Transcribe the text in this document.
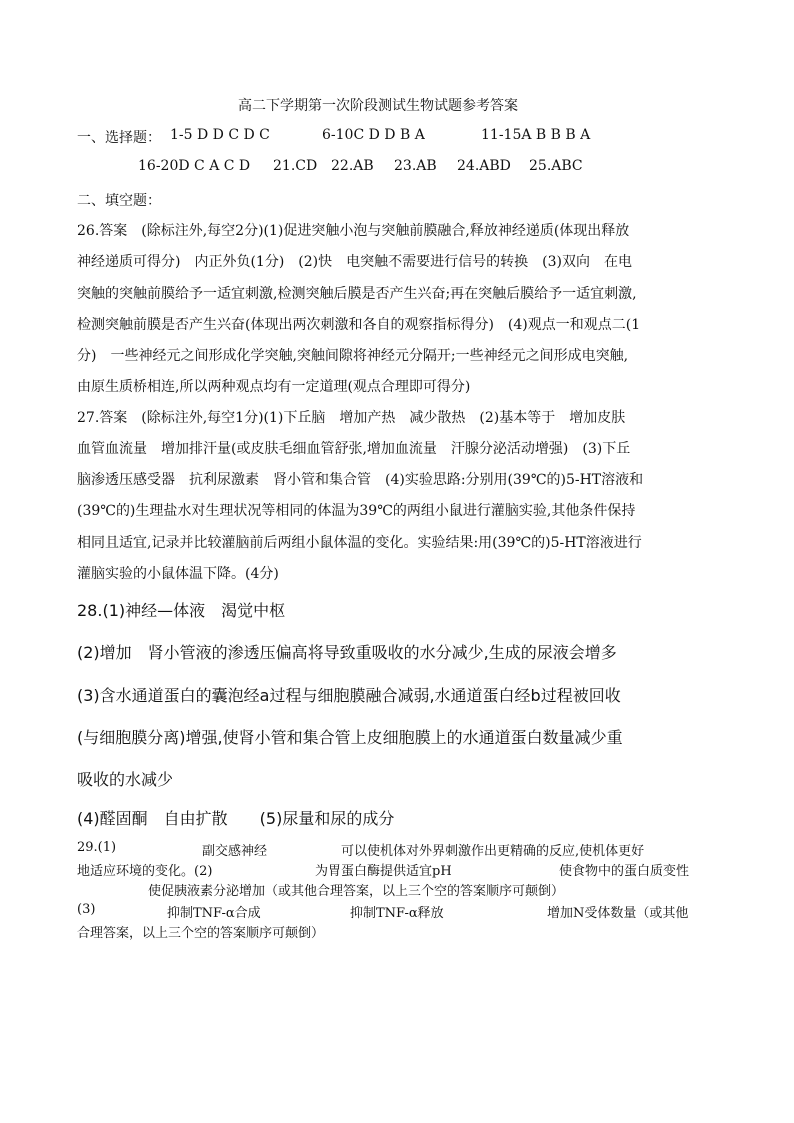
高二下学期第一次阶段测试生物试题参考答案
一、选择题： 1-5 D D C D C	6-10C D D B A	11-15A B B B A
16-20D C A C D 21.CD 22.AB 23.AB 24.ABD 25.ABC
二、填空题：
26.答案　(除标注外,每空2分)(1)促进突触小泡与突触前膜融合,释放神经递质(体现出释放
神经递质可得分)　内正外负(1分)　(2)快　电突触不需要进行信号的转换　(3)双向　在电
突触的突触前膜给予一适宜刺激,检测突触后膜是否产生兴奋;再在突触后膜给予一适宜刺激,
检测突触前膜是否产生兴奋(体现出两次刺激和各自的观察指标得分)　(4)观点一和观点二(1
分)　一些神经元之间形成化学突触,突触间隙将神经元分隔开;一些神经元之间形成电突触,
由原生质桥相连,所以两种观点均有一定道理(观点合理即可得分)
27.答案　(除标注外,每空1分)(1)下丘脑　增加产热　减少散热　(2)基本等于　增加皮肤
血管血流量　增加排汗量(或皮肤毛细血管舒张,增加血流量　汗腺分泌活动增强)　(3)下丘
脑渗透压感受器　抗利尿激素　肾小管和集合管　(4)实验思路:分别用(39℃的)5-HT溶液和
(39℃的)生理盐水对生理状况等相同的体温为39℃的两组小鼠进行灌脑实验,其他条件保持
相同且适宜,记录并比较灌脑前后两组小鼠体温的变化。实验结果:用(39℃的)5-HT溶液进行
灌脑实验的小鼠体温下降。(4分)
28.(1)神经—体液　渴觉中枢
(2)增加　肾小管液的渗透压偏高将导致重吸收的水分减少,生成的尿液会增多
(3)含水通道蛋白的囊泡经a过程与细胞膜融合减弱,水通道蛋白经b过程被回收
(与细胞膜分离)增强,使肾小管和集合管上皮细胞膜上的水通道蛋白数量减少重
吸收的水减少
(4)醛固酮　自由扩散　　(5)尿量和尿的成分
29.(1)	副交感神经	可以使机体对外界刺激作出更精确的反应,使机体更好
地适应环境的变化。(2)	为胃蛋白酶提供适宜pH	使食物中的蛋白质变性
使促胰液素分泌增加（或其他合理答案，以上三个空的答案顺序可颠倒）
(3)	抑制TNF-α合成	抑制TNF-α释放	增加N受体数量（或其他
合理答案，以上三个空的答案顺序可颠倒）
